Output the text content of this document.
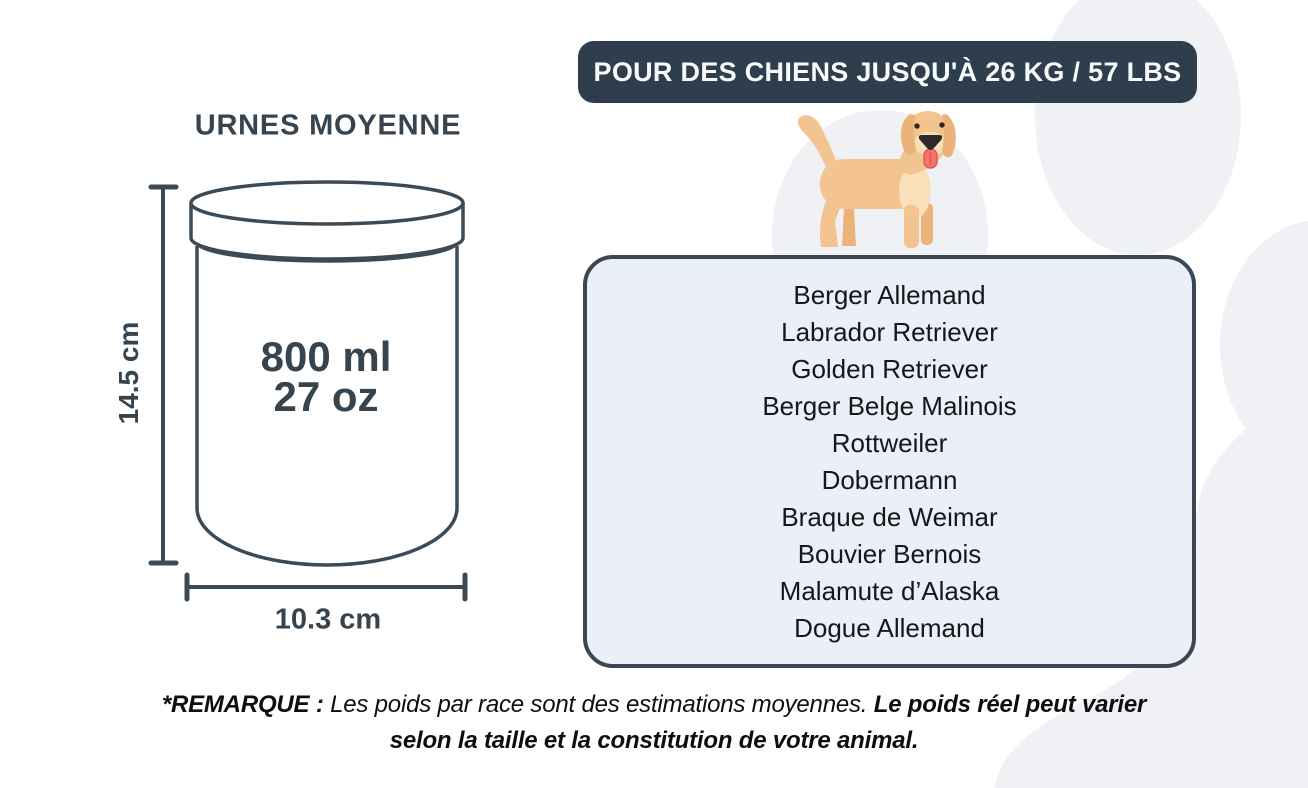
URNES MOYENNE
800 ml
27 oz
14.5 cm
10.3 cm
POUR DES CHIENS JUSQU'À 26 KG / 57 LBS
Berger Allemand
Labrador Retriever
Golden Retriever
Berger Belge Malinois
Rottweiler
Dobermann
Braque de Weimar
Bouvier Bernois
Malamute d’Alaska
Dogue Allemand
*REMARQUE : Les poids par race sont des estimations moyennes. Le poids réel peut varier selon la taille et la constitution de votre animal.
